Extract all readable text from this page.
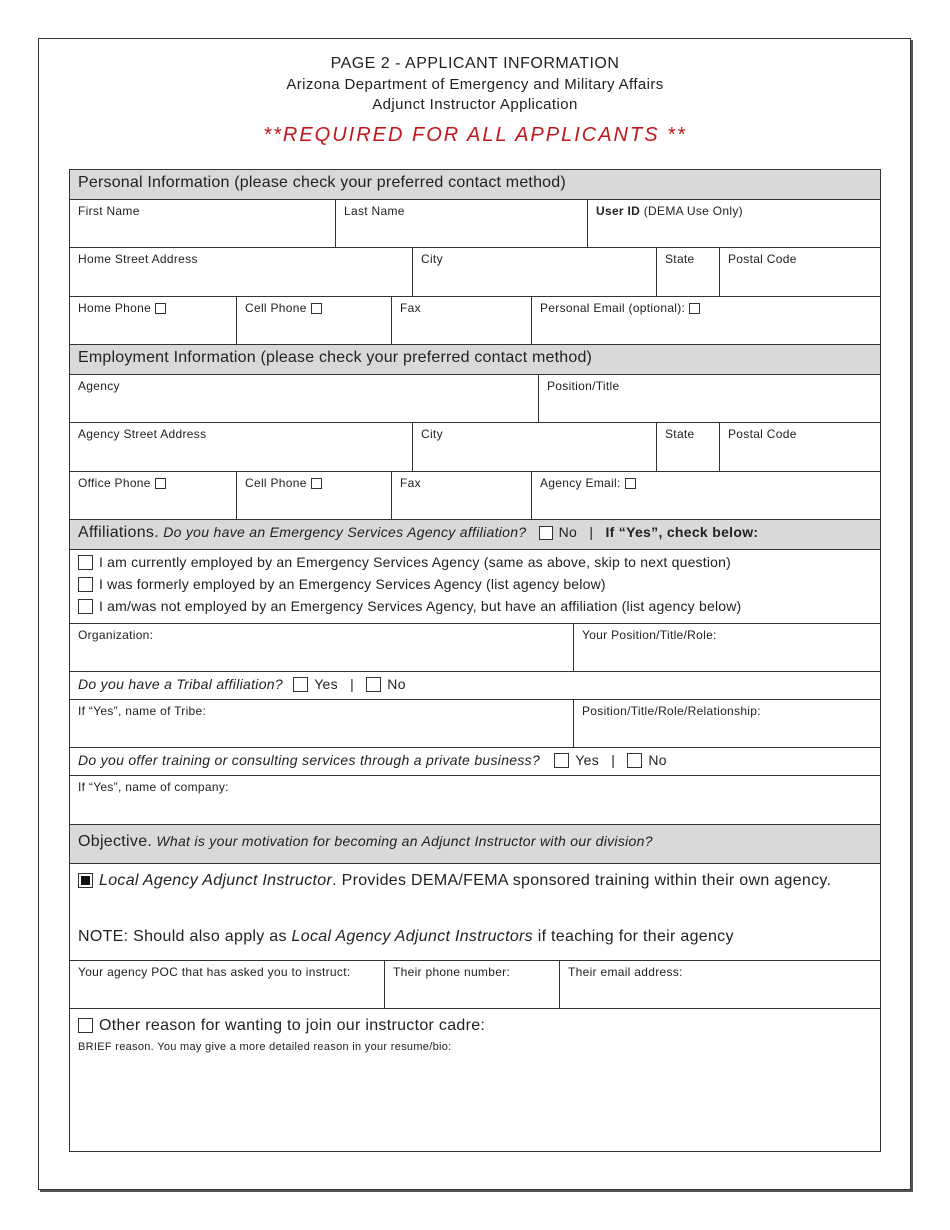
PAGE 2 - APPLICANT INFORMATION
Arizona Department of Emergency and Military Affairs
Adjunct Instructor Application
**REQUIRED FOR ALL APPLICANTS **
Personal Information (please check your preferred contact method)
First Name	Last Name	User ID (DEMA Use Only)
Home Street Address	City	State	Postal Code
Home Phone	Cell Phone	Fax	Personal Email (optional):
Employment Information (please check your preferred contact method)
Agency	Position/Title
Agency Street Address	City	State	Postal Code
Office Phone	Cell Phone	Fax	Agency Email:
Affiliations. Do you have an Emergency Services Agency affiliation? No | If “Yes”, check below:
I am currently employed by an Emergency Services Agency (same as above, skip to next question)
I was formerly employed by an Emergency Services Agency (list agency below)
I am/was not employed by an Emergency Services Agency, but have an affiliation (list agency below)
Organization:	Your Position/Title/Role:
Do you have a Tribal affiliation? Yes | No
If “Yes”, name of Tribe:	Position/Title/Role/Relationship:
Do you offer training or consulting services through a private business?	Yes | No
If “Yes”, name of company:
Objective. What is your motivation for becoming an Adjunct Instructor with our division?
Local Agency Adjunct Instructor. Provides DEMA/FEMA sponsored training within their own agency.
NOTE: Should also apply as Local Agency Adjunct Instructors if teaching for their agency
Your agency POC that has asked you to instruct:	Their phone number:	Their email address:
Other reason for wanting to join our instructor cadre:
BRIEF reason. You may give a more detailed reason in your resume/bio:
